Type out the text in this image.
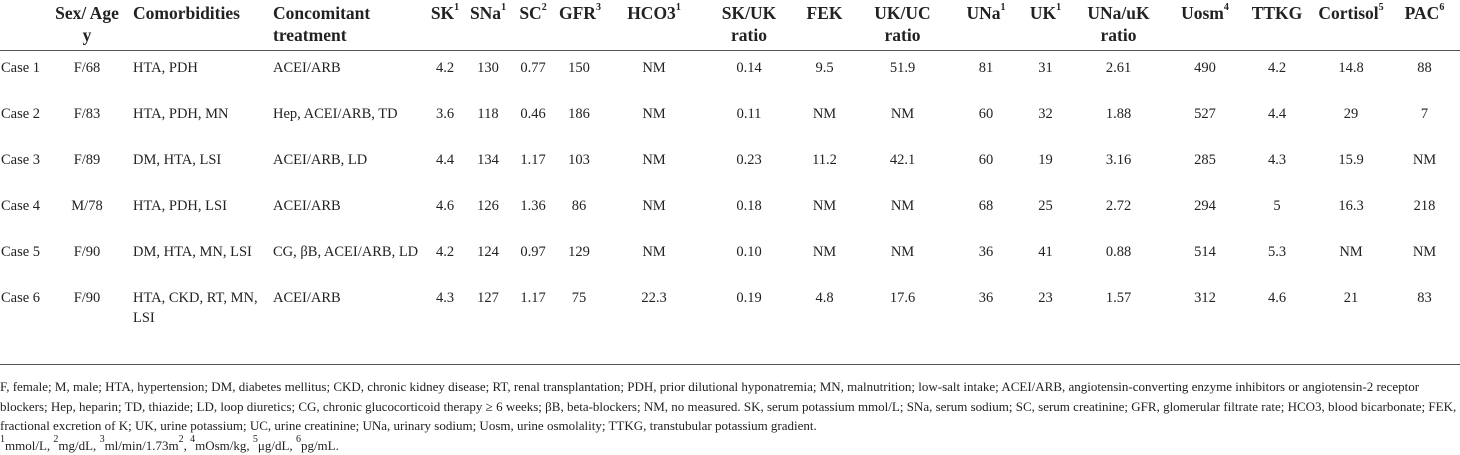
	Sex/ Age y	Comorbidities	Concomitant treatment	$SK^1$	SNa$^1$	$SC^2$	GFR$^3$	$HCO3^1$	SK/UK ratio	FEK	UK/UC ratio	UNa$^1$	$UK^1$	UNa/uK ratio	Uosm$^4$	TTKG	Cortisol$^5$	PAC$^6$
Case 1	F/68	HTA, PDH	ACEI/ARB	4.2	130	0.77	150	NM	0.14	9.5	51.9	81	31	2.61	490	4.2	14.8	88
Case 2	F/83	HTA, PDH, MN	Hep, ACEI/ARB, TD	3.6	118	0.46	186	NM	0.11	NM	NM	60	32	1.88	527	4.4	29	7
Case 3	F/89	DM, HTA, LSI	ACEI/ARB, LD	4.4	134	1.17	103	NM	0.23	11.2	42.1	60	19	3.16	285	4.3	15.9	NM
Case 4	M/78	HTA, PDH, LSI	ACEI/ARB	4.6	126	1.36	86	NM	0.18	NM	NM	68	25	2.72	294	5	16.3	218
Case 5	F/90	DM, HTA, MN, LSI	CG, βB, ACEI/ARB, LD	4.2	124	0.97	129	NM	0.10	NM	NM	36	41	0.88	514	5.3	NM	NM
Case 6	F/90	HTA, CKD, RT, MN, LSI	ACEI/ARB	4.3	127	1.17	75	22.3	0.19	4.8	17.6	36	23	1.57	312	4.6	21	83

F, female; M, male; HTA, hypertension; DM, diabetes mellitus; CKD, chronic kidney disease; RT, renal transplantation; PDH, prior dilutional hyponatremia; MN, malnutrition; low-salt intake; ACEI/ARB, angiotensin-converting enzyme inhibitors or angiotensin-2 receptor blockers; Hep, heparin; TD, thiazide; LD, loop diuretics; CG, chronic glucocorticoid therapy ≥ 6 weeks; βB, beta-blockers; NM, no measured. SK, serum potassium mmol/L; SNa, serum sodium; SC, serum creatinine; GFR, glomerular filtrate rate; HCO3, blood bicarbonate; FEK, fractional excretion of K; UK, urine potassium; UC, urine creatinine; UNa, urinary sodium; Uosm, urine osmolality; TTKG, transtubular potassium gradient.

$^1$mmol/L, $^2$mg/dL, $^3ml/\min/1.73m^2$, $^4$mOsm/kg, $^5$μg/dL, $^6$pg/mL.
